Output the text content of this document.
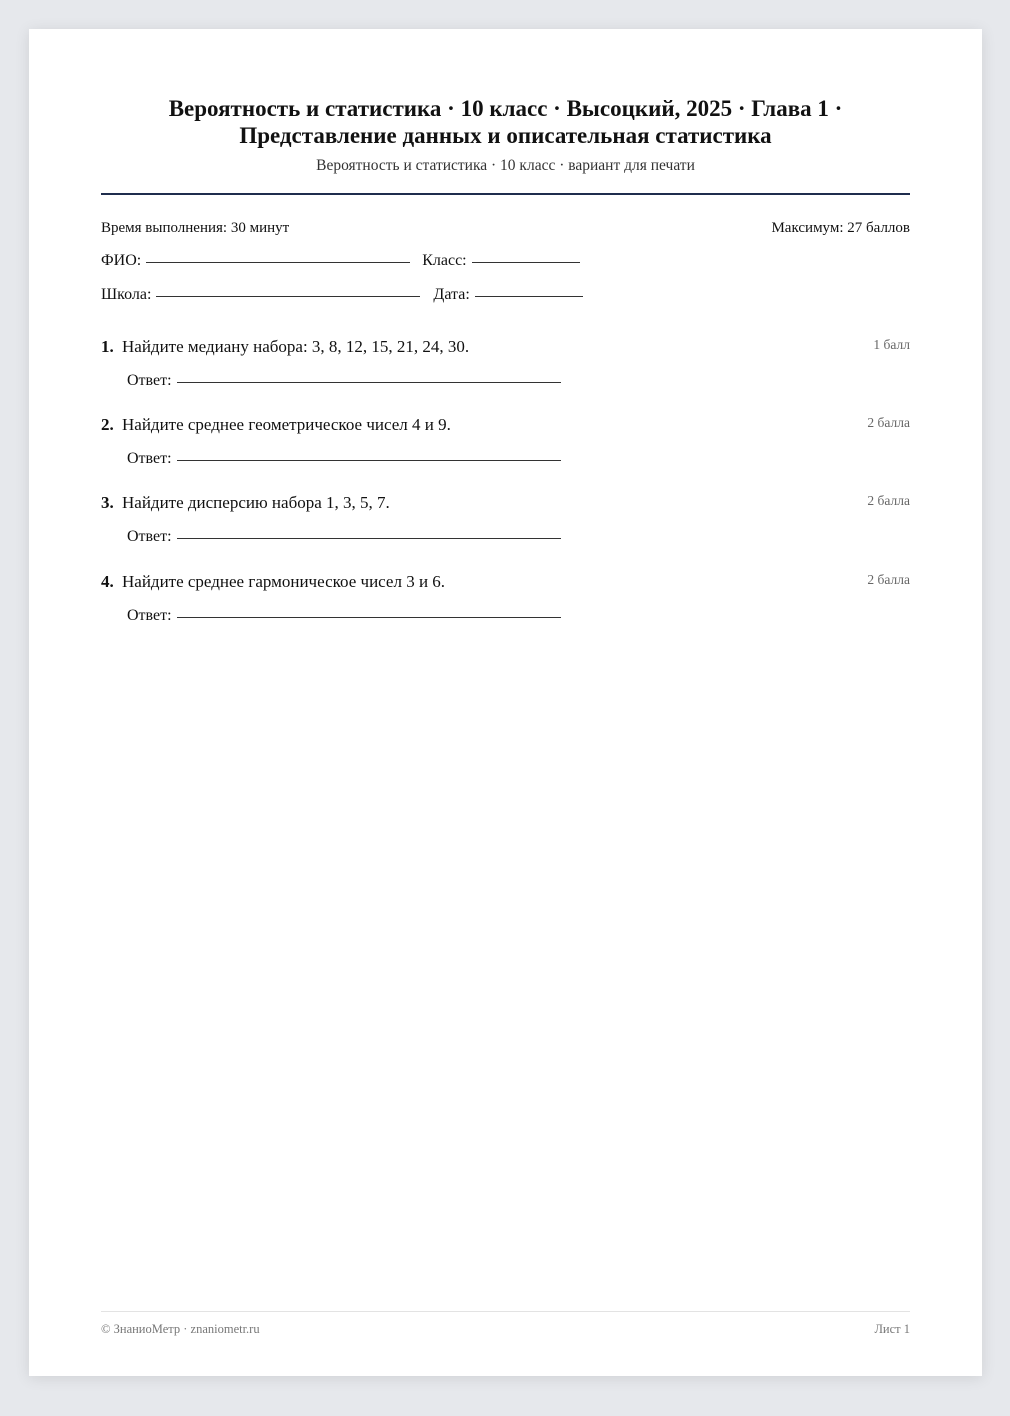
Вероятность и статистика · 10 класс · Высоцкий, 2025 · Глава 1 ·
Представление данных и описательная статистика
Вероятность и статистика · 10 класс · вариант для печати
Время выполнения: 30 минут	Максимум: 27 баллов
ФИО:	Класс:
Школа:	Дата:
1. Найдите медиану набора: 3, 8, 12, 15, 21, 24, 30.	1 балл
Ответ:
2. Найдите среднее геометрическое чисел 4 и 9.	2 балла
Ответ:
3. Найдите дисперсию набора 1, 3, 5, 7.	2 балла
Ответ:
4. Найдите среднее гармоническое чисел 3 и 6.	2 балла
Ответ:
© ЗнаниоМетр · znaniometr.ru	Лист 1
